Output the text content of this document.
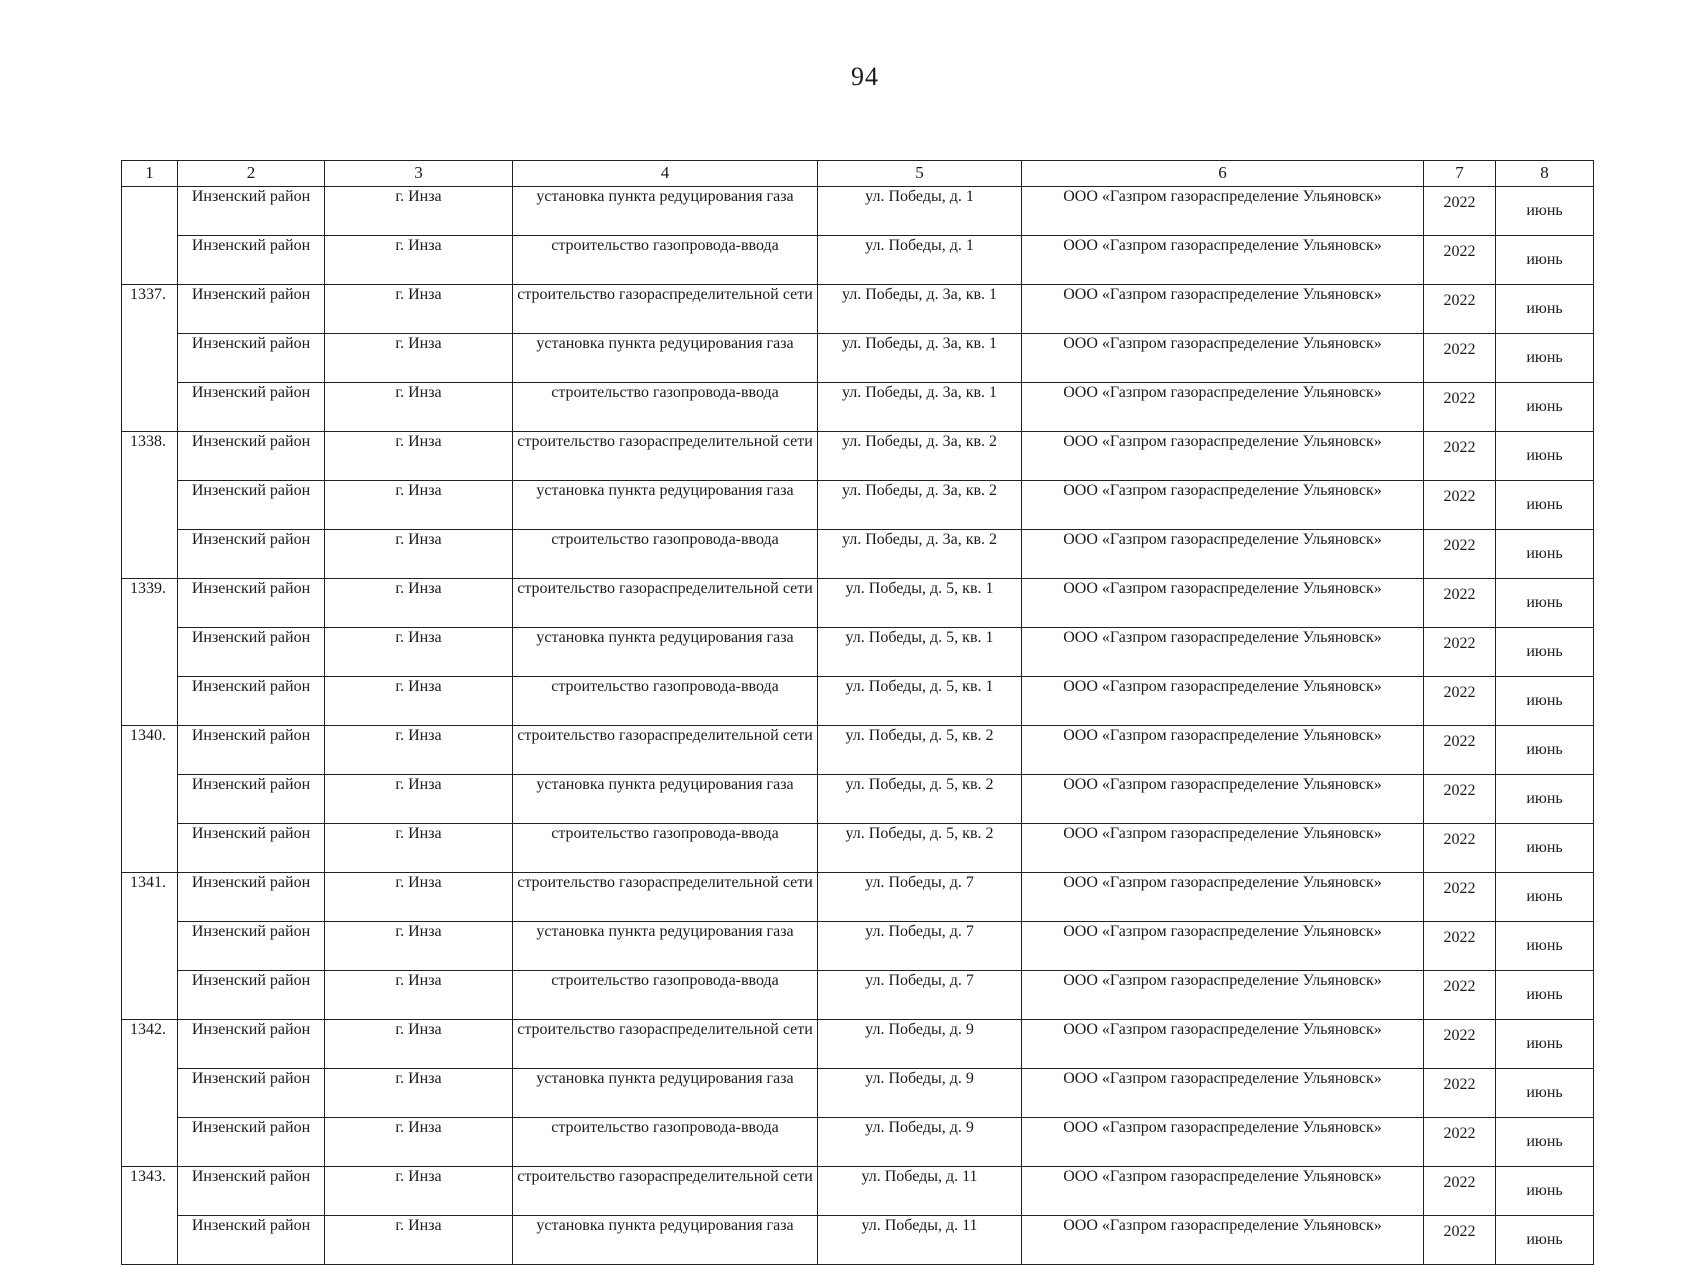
94
1	2	3	4	5	6	7	8
	Инзенский район	г. Инза	установка пункта редуцирования газа	ул. Победы, д. 1	ООО «Газпром газораспределение Ульяновск»	2022	июнь
	Инзенский район	г. Инза	строительство газопровода-ввода	ул. Победы, д. 1	ООО «Газпром газораспределение Ульяновск»	2022	июнь
1337.	Инзенский район	г. Инза	строительство газораспределительной сети	ул. Победы, д. 3а, кв. 1	ООО «Газпром газораспределение Ульяновск»	2022	июнь
	Инзенский район	г. Инза	установка пункта редуцирования газа	ул. Победы, д. 3а, кв. 1	ООО «Газпром газораспределение Ульяновск»	2022	июнь
	Инзенский район	г. Инза	строительство газопровода-ввода	ул. Победы, д. 3а, кв. 1	ООО «Газпром газораспределение Ульяновск»	2022	июнь
1338.	Инзенский район	г. Инза	строительство газораспределительной сети	ул. Победы, д. 3а, кв. 2	ООО «Газпром газораспределение Ульяновск»	2022	июнь
	Инзенский район	г. Инза	установка пункта редуцирования газа	ул. Победы, д. 3а, кв. 2	ООО «Газпром газораспределение Ульяновск»	2022	июнь
	Инзенский район	г. Инза	строительство газопровода-ввода	ул. Победы, д. 3а, кв. 2	ООО «Газпром газораспределение Ульяновск»	2022	июнь
1339.	Инзенский район	г. Инза	строительство газораспределительной сети	ул. Победы, д. 5, кв. 1	ООО «Газпром газораспределение Ульяновск»	2022	июнь
	Инзенский район	г. Инза	установка пункта редуцирования газа	ул. Победы, д. 5, кв. 1	ООО «Газпром газораспределение Ульяновск»	2022	июнь
	Инзенский район	г. Инза	строительство газопровода-ввода	ул. Победы, д. 5, кв. 1	ООО «Газпром газораспределение Ульяновск»	2022	июнь
1340.	Инзенский район	г. Инза	строительство газораспределительной сети	ул. Победы, д. 5, кв. 2	ООО «Газпром газораспределение Ульяновск»	2022	июнь
	Инзенский район	г. Инза	установка пункта редуцирования газа	ул. Победы, д. 5, кв. 2	ООО «Газпром газораспределение Ульяновск»	2022	июнь
	Инзенский район	г. Инза	строительство газопровода-ввода	ул. Победы, д. 5, кв. 2	ООО «Газпром газораспределение Ульяновск»	2022	июнь
1341.	Инзенский район	г. Инза	строительство газораспределительной сети	ул. Победы, д. 7	ООО «Газпром газораспределение Ульяновск»	2022	июнь
	Инзенский район	г. Инза	установка пункта редуцирования газа	ул. Победы, д. 7	ООО «Газпром газораспределение Ульяновск»	2022	июнь
	Инзенский район	г. Инза	строительство газопровода-ввода	ул. Победы, д. 7	ООО «Газпром газораспределение Ульяновск»	2022	июнь
1342.	Инзенский район	г. Инза	строительство газораспределительной сети	ул. Победы, д. 9	ООО «Газпром газораспределение Ульяновск»	2022	июнь
	Инзенский район	г. Инза	установка пункта редуцирования газа	ул. Победы, д. 9	ООО «Газпром газораспределение Ульяновск»	2022	июнь
	Инзенский район	г. Инза	строительство газопровода-ввода	ул. Победы, д. 9	ООО «Газпром газораспределение Ульяновск»	2022	июнь
1343.	Инзенский район	г. Инза	строительство газораспределительной сети	ул. Победы, д. 11	ООО «Газпром газораспределение Ульяновск»	2022	июнь
	Инзенский район	г. Инза	установка пункта редуцирования газа	ул. Победы, д. 11	ООО «Газпром газораспределение Ульяновск»	2022	июнь
